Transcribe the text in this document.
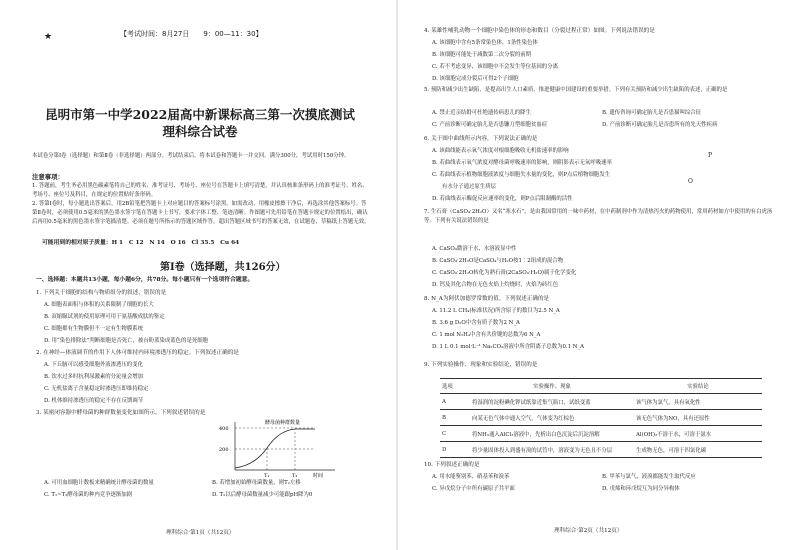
★	【考试时间：8月27日　　9：00—11：30】
昆明市第一中学2022届高中新课标高三第一次摸底测试
理科综合试卷
本试卷分第Ⅰ卷（选择题）和第Ⅱ卷（非选择题）两部分。考试结束后，将本试卷和答题卡一并交回。满分300分，考试用时150分钟。
注意事项：
1. 答题前，考生务必用黑色碳素笔将自己的姓名、准考证号、考场号、座位号在答题卡上填写清楚，并认真核准条形码上的准考证号、姓名、考场号、座位号及科目，在规定的位置贴好条形码。
2. 答第Ⅰ卷时，每小题选出答案后，用2B铅笔把答题卡上对应题目的答案标号涂黑。如需改动，用橡皮擦擦干净后，再选涂其他答案标号。答第Ⅱ卷时，必须使用0.5毫米的黑色墨水签字笔在答题卡上书写，要求字体工整、笔迹清晰。作图题可先用铅笔在答题卡规定的位置绘出，确认后再用0.5毫米的黑色墨水签字笔描清楚。必须在题号所指示的答题区域作答，超出答题区域书写的答案无效，在试题卷、草稿纸上答题无效。
可能用到的相对原子质量：H 1　C 12　N 14　O 16　Cl 35.5　Cu 64
第Ⅰ卷（选择题，共126分）
一、选择题：本题共13小题，每小题6分，共78分。每小题只有一个选项符合题意。
1. 下列关于细胞的结构与物质组分的叙述，错误的是
A. 细胞表面积与体积的关系限制了细胞的长大
B. 双缩脲试剂的使用原理可用于氨基酸成肽的鉴定
C. 细胞都有生物膜但不一定有生物膜系统
D. 用“染色排除法”判断细胞是否死亡，被台盼蓝染成蓝色的是死细胞
2. 在神经—体液调节的作用下人体可维持内环境渗透压的稳定。下列叙述正确的是
A. 下丘脑可以感受细胞外液渗透压的变化
B. 饮水过多时抗利尿激素的分泌量会增加
C. 无机盐离子含量稳定时渗透压即维持稳定
D. 机体维持渗透压的稳定不存在反馈调节
3. 某密闭容器中酵母菌的种群数量变化如图所示。下列叙述错误的是
酵母菌种群数量
400
200
T₁	T₂	时间
A. 可用血细胞计数板来精确统计酵母菌的数量	B. 若增加初始酵母菌数量，则T₂左移
C. T₁~T₂酵母菌的种内竞争逐渐加剧	D. T₂以后酵母菌数量减少可能跟pH降为0
理科综合·第1页（共12页）
4. 某雄性哺乳动物一个细胞中染色体的形态和数目（分裂过程正常）如图。下列说法错误的是
A. 该细胞中含有5条常染色体，1条性染色体
B. 该细胞可能处于减数第二次分裂的前期
C. 若不考虑变异，该细胞中不会发生等位基因的分离
D. 该细胞完成分裂后可得2个子细胞
5. 预防和减少出生缺陷，是提高出生人口素质、推进健康中国建设的重要举措。下列有关预防和减少出生缺陷的表述，正确的是
A. 禁止近亲结婚可杜绝遗传病患儿的降生	B. 遗传咨询可确定胎儿是否患猫叫综合征
C. 产前诊断可确定胎儿是否患镰刀型细胞贫血症	D. 产前诊断可确定胎儿是否患所有的先天性疾病
6. 关于图中曲线所示内容，下列说法正确的是
A. 该曲线能表示氧气浓度对根细胞吸收无机盐速率的影响
B. 若曲线表示氧气浓度对酵母菌呼吸速率的影响，则阴影表示无氧呼吸速率
C. 若曲线表示植物细胞液浓度与细胞失水量的变化，则P点后植物细胞发生
有水分子通过原生质层
D. 若曲线表示酶促反应速率的变化，则P点后限制酶的活性
P
O
7. 生石膏（CaSO₄·2H₂O）又名“寒水石”，是由我国常用的一味中药材，在中药制剂中作为清热泻火的药物使用，常用药材如方中使用的有白虎汤等。下列有关说法错误的是
A. CaSO₄微溶于水，水溶液显中性
B. CaSO₄·2H₂O是CaSO₄与H₂O按1∶2组成的混合物
C. CaSO₄·2H₂O转化为熟石膏(2CaSO₄·H₂O)属于化学变化
D. 钙及其化合物在无色火焰上灼烧时，火焰为砖红色
8. N_A为阿伏加德罗常数的值。下列叙述正确的是
A. 11.2 L CH₄(标准状况)所含原子的数目为2.5 N_A
B. 3.6 g D₂O中含有质子数为2 N_A
C. 1 mol N₂H₄中含有共价键的总数为6 N_A
D. 1 L 0.1 mol·L⁻¹ Na₂CO₃溶液中所含阴离子总数为0.1 N_A
9. 下列实验操作、现象和实验结论，错误的是
10. 下列叙述正确的是
A. 用水能鉴别苯、硝基苯和溴苯	B. 甲苯与氯气、液溴都能发生取代反应
C. 异戊烷分子中所有碳原子共平面	D. 戊烯和环戊烷互为同分异构体
理科综合·第2页（共12页）
选项	实验操作、现象	实验结论
A	将湿润的淀粉碘化钾试纸靠近集气瓶口，试纸变蓝	该气体为氯气，具有氧化性
B	向某无色气体中通入空气，气体变为红棕色	该无色气体为NO，具有还原性
C	将NH₃通入AlCl₃溶液中，先析出白色沉淀后沉淀溶解	Al(OH)₃不溶于水，可溶于氨水
D	将少量固体投入到盛有溴的试管中，溶液变为无色且不分层	生成物无色，可溶于四氯化碳
